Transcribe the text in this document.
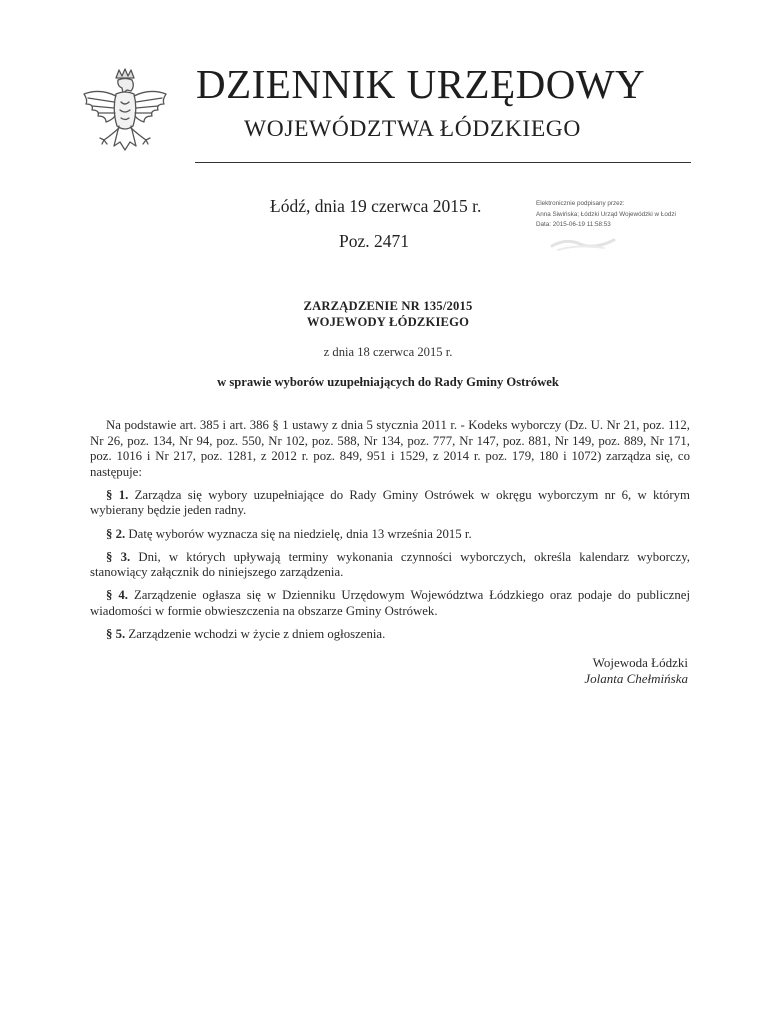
DZIENNIK URZĘDOWY
WOJEWÓDZTWA ŁÓDZKIEGO
Łódź, dnia 19 czerwca 2015 r.
Poz. 2471
Elektronicznie podpisany przez:
Anna Siwińska; Łódzki Urząd Wojewódzki w Łodzi
Data: 2015-06-19 11:58:53
ZARZĄDZENIE NR 135/2015
WOJEWODY ŁÓDZKIEGO
z dnia 18 czerwca 2015 r.
w sprawie wyborów uzupełniających do Rady Gminy Ostrówek

Na podstawie art. 385 i art. 386 § 1 ustawy z dnia 5 stycznia 2011 r. - Kodeks wyborczy (Dz. U. Nr 21, poz. 112, Nr 26, poz. 134, Nr 94, poz. 550, Nr 102, poz. 588, Nr 134, poz. 777, Nr 147, poz. 881, Nr 149, poz. 889, Nr 171, poz. 1016 i Nr 217, poz. 1281, z 2012 r. poz. 849, 951 i 1529, z 2014 r. poz. 179, 180 i 1072) zarządza się, co następuje:

§ 1. Zarządza się wybory uzupełniające do Rady Gminy Ostrówek w okręgu wyborczym nr 6, w którym wybierany będzie jeden radny.

§ 2. Datę wyborów wyznacza się na niedzielę, dnia 13 września 2015 r.

§ 3. Dni, w których upływają terminy wykonania czynności wyborczych, określa kalendarz wyborczy, stanowiący załącznik do niniejszego zarządzenia.

§ 4. Zarządzenie ogłasza się w Dzienniku Urzędowym Województwa Łódzkiego oraz podaje do publicznej wiadomości w formie obwieszczenia na obszarze Gminy Ostrówek.

§ 5. Zarządzenie wchodzi w życie z dniem ogłoszenia.

Wojewoda Łódzki
Jolanta Chełmińska
